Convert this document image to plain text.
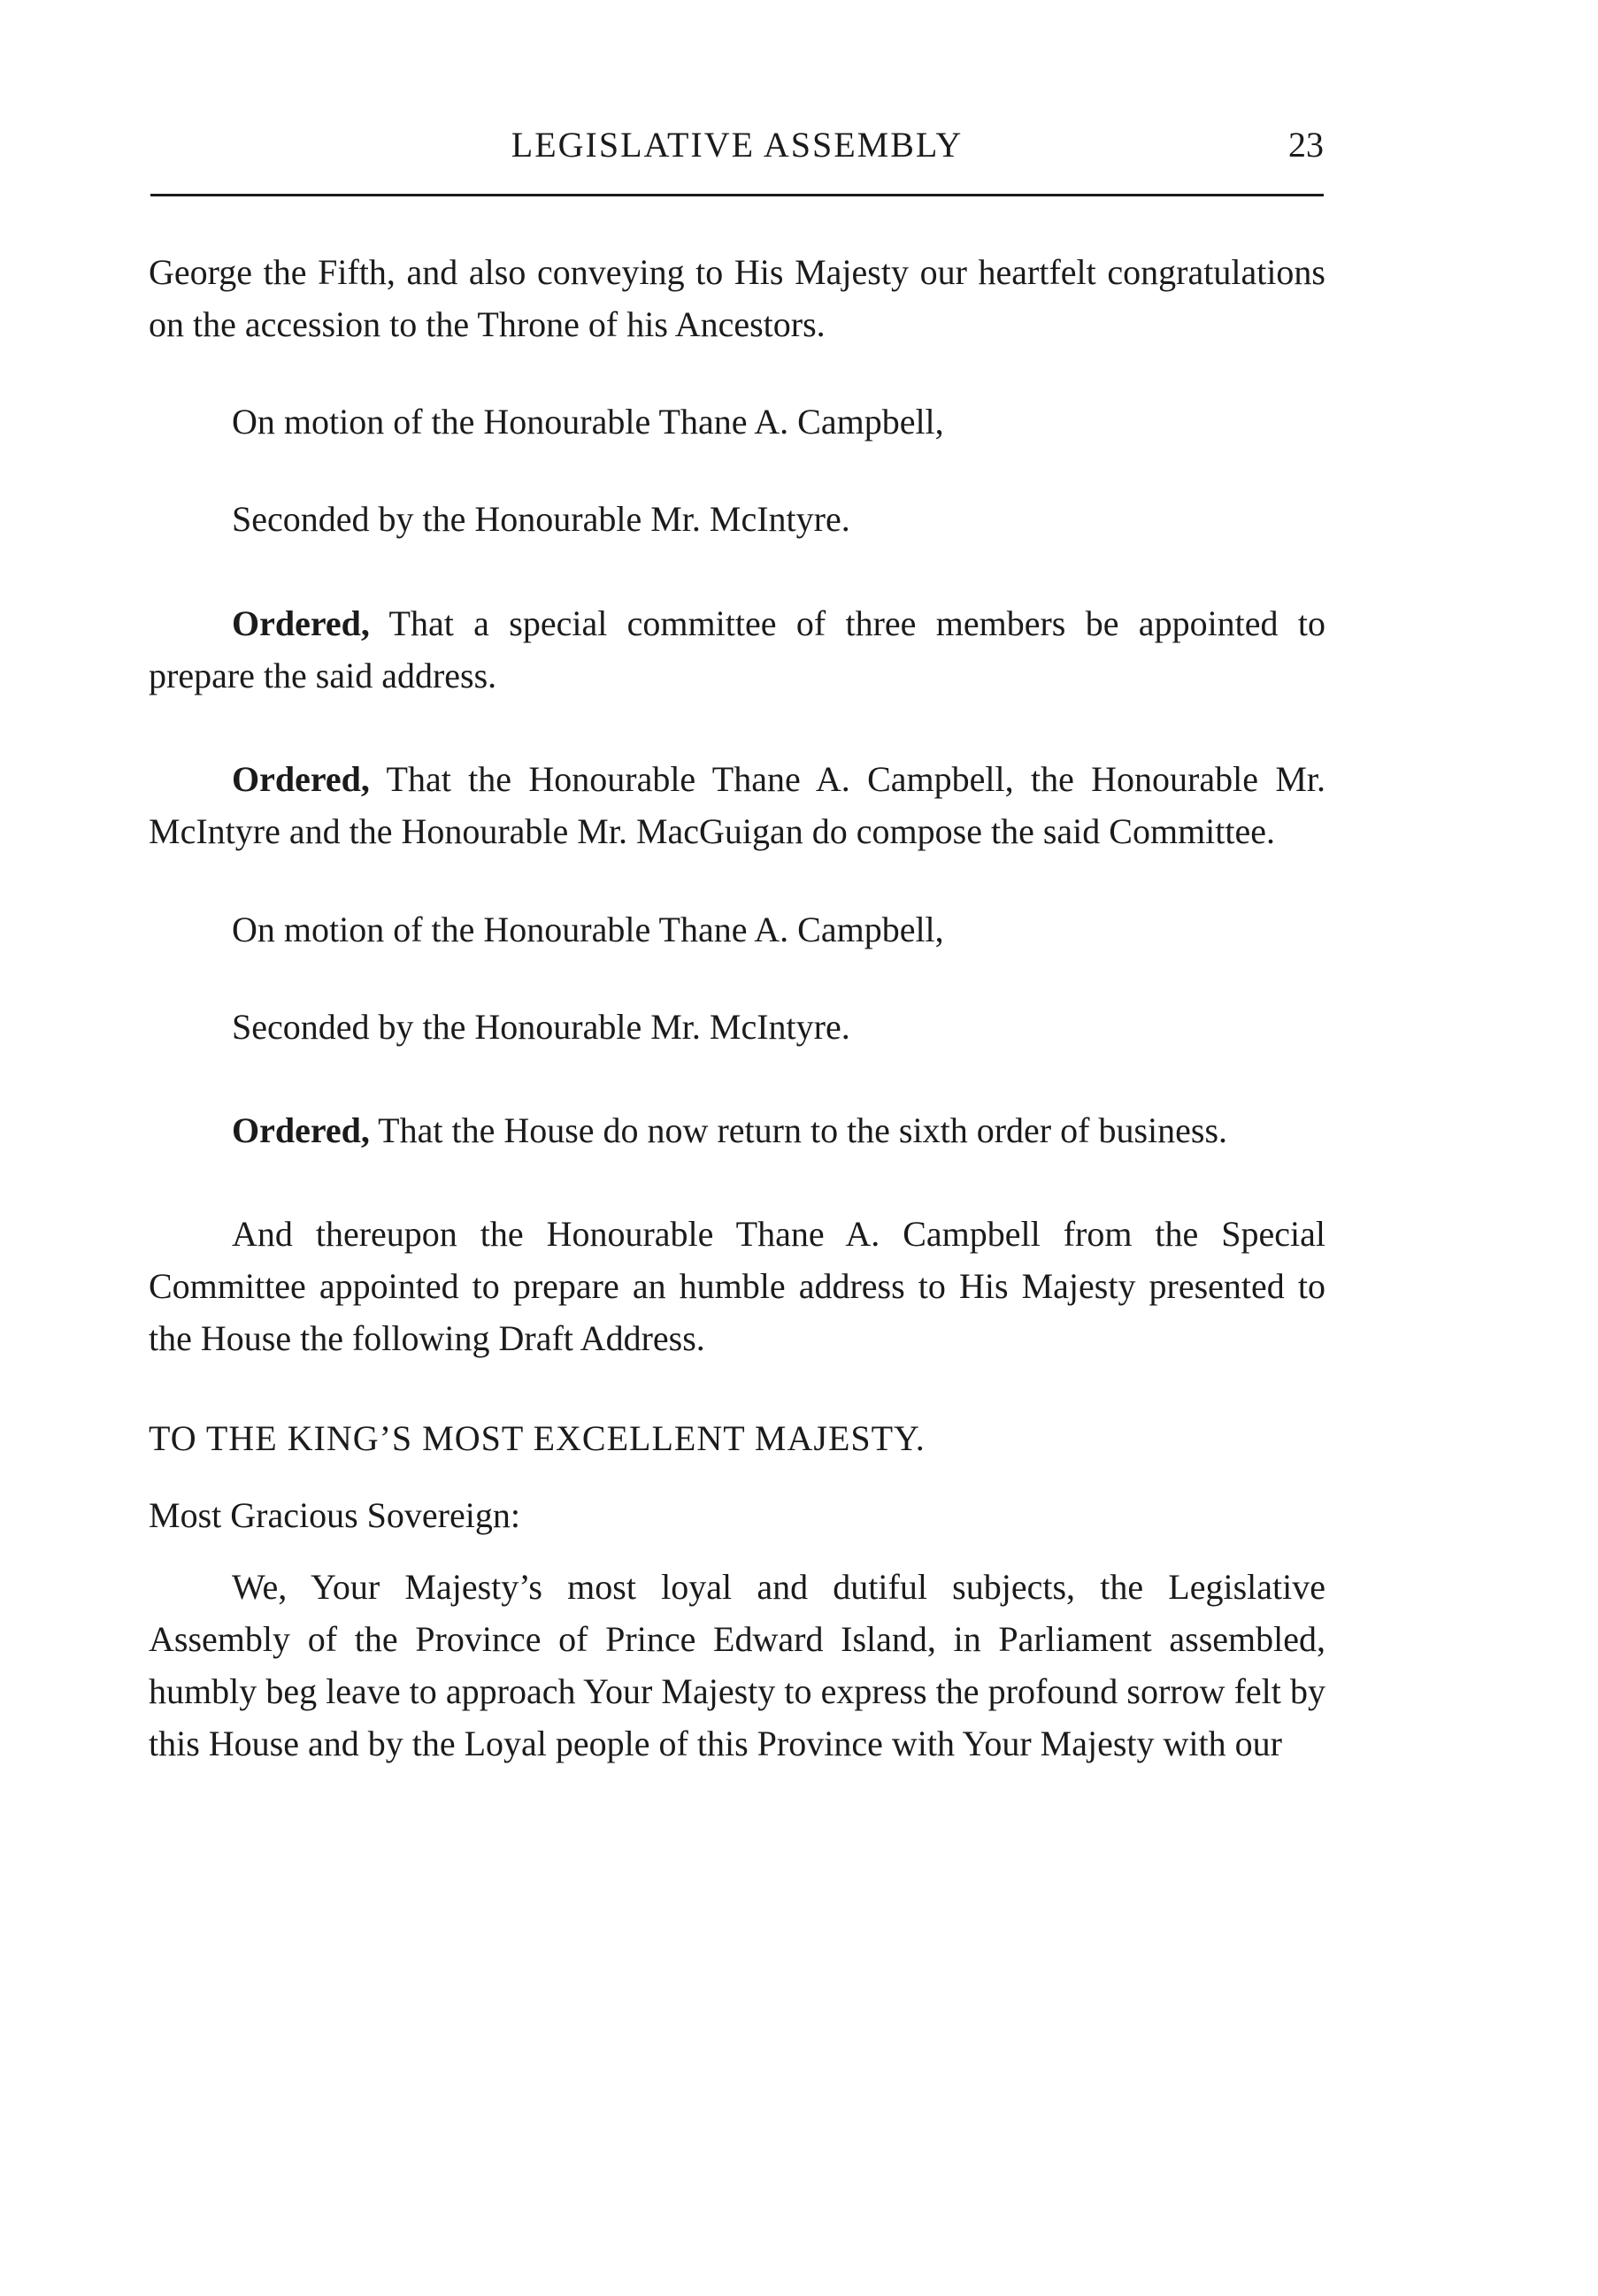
LEGISLATIVE ASSEMBLY	23

George the Fifth, and also conveying to His Majesty our heartfelt congratulations on the accession to the Throne of his Ancestors.

On motion of the Honourable Thane A. Campbell,

Seconded by the Honourable Mr. McIntyre.

Ordered, That a special committee of three members be appointed to prepare the said address.

Ordered, That the Honourable Thane A. Campbell, the Honourable Mr. McIntyre and the Honourable Mr. MacGuigan do compose the said Committee.

On motion of the Honourable Thane A. Campbell,

Seconded by the Honourable Mr. McIntyre.

Ordered, That the House do now return to the sixth order of business.

And thereupon the Honourable Thane A. Campbell from the Special Committee appointed to prepare an humble address to His Majesty presented to the House the following Draft Address.

TO THE KING’S MOST EXCELLENT MAJESTY.

Most Gracious Sovereign:

We, Your Majesty’s most loyal and dutiful subjects, the Legislative Assembly of the Province of Prince Edward Island, in Parliament assembled, humbly beg leave to approach Your Majesty to express the profound sorrow felt by this House and by the Loyal people of this Province with Your Majesty with our
